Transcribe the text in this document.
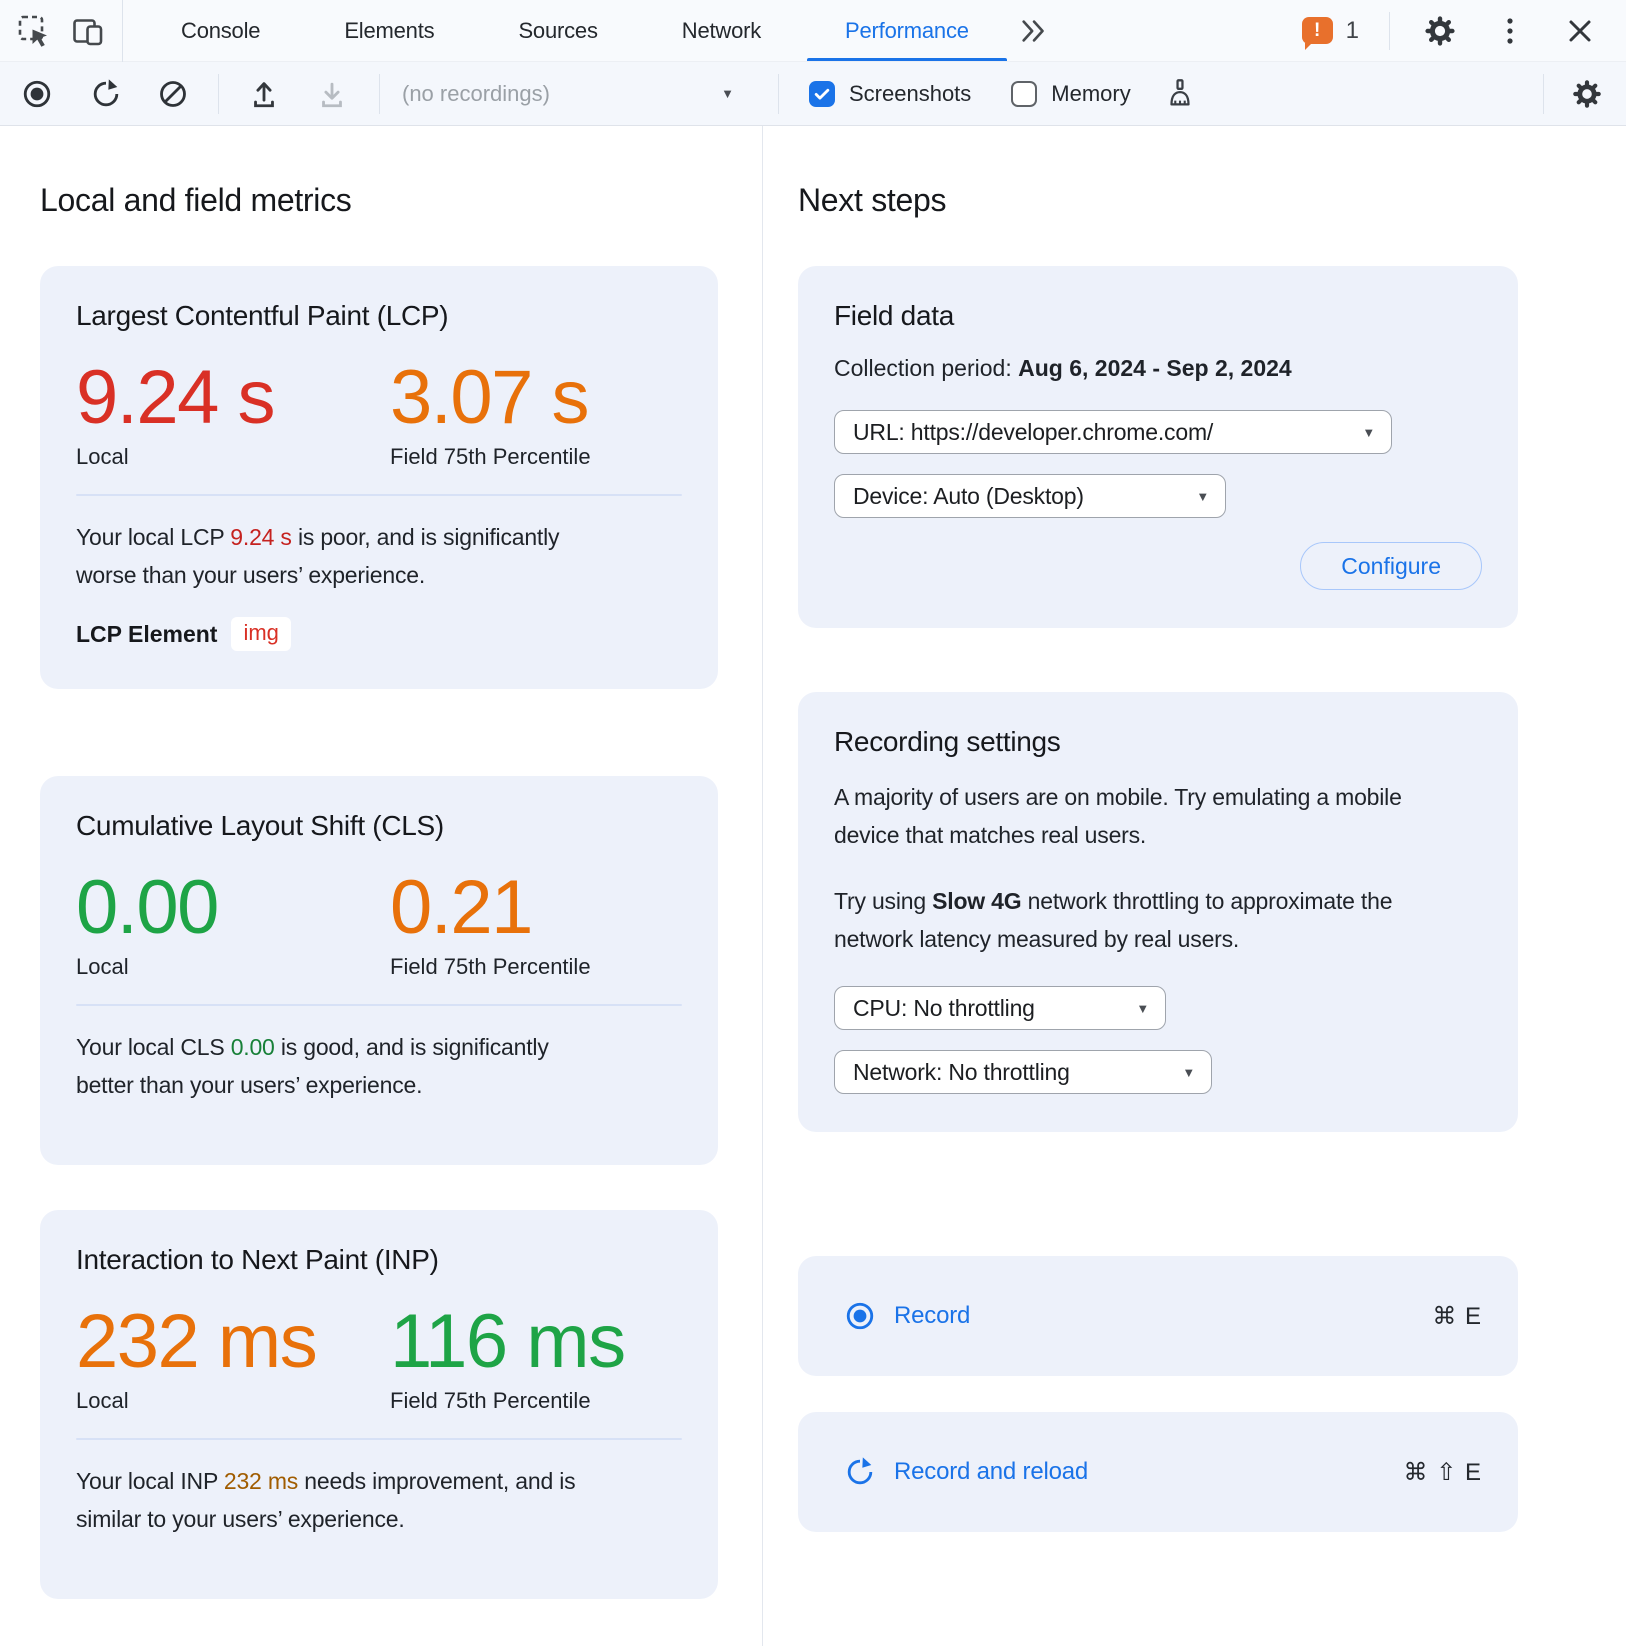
Console	Elements	Sources	Network	Performance	!	1
(no recordings)	▼	Screenshots	Memory
Local and field metrics
Largest Contentful Paint (LCP)
9.24 s
Local
3.07 s
Field 75th Percentile

Your local LCP 9.24 s is poor, and is significantly worse than your users’ experience.

LCP Element	img
Cumulative Layout Shift (CLS)
0.00
Local
0.21
Field 75th Percentile

Your local CLS 0.00 is good, and is significantly better than your users’ experience.

Interaction to Next Paint (INP)
232 ms
Local
116 ms
Field 75th Percentile

Your local INP 232 ms needs improvement, and is similar to your users’ experience.

Next steps
Field data

Collection period: Aug 6, 2024 - Sep 2, 2024

URL: https://developer.chrome.com/	▼
Device: Auto (Desktop)	▼
Configure
Recording settings

A majority of users are on mobile. Try emulating a mobile device that matches real users.

Try using Slow 4G network throttling to approximate the network latency measured by real users.

CPU: No throttling	▼
Network: No throttling	▼
Record	⌘ E
Record and reload	⌘ ⇧ E
